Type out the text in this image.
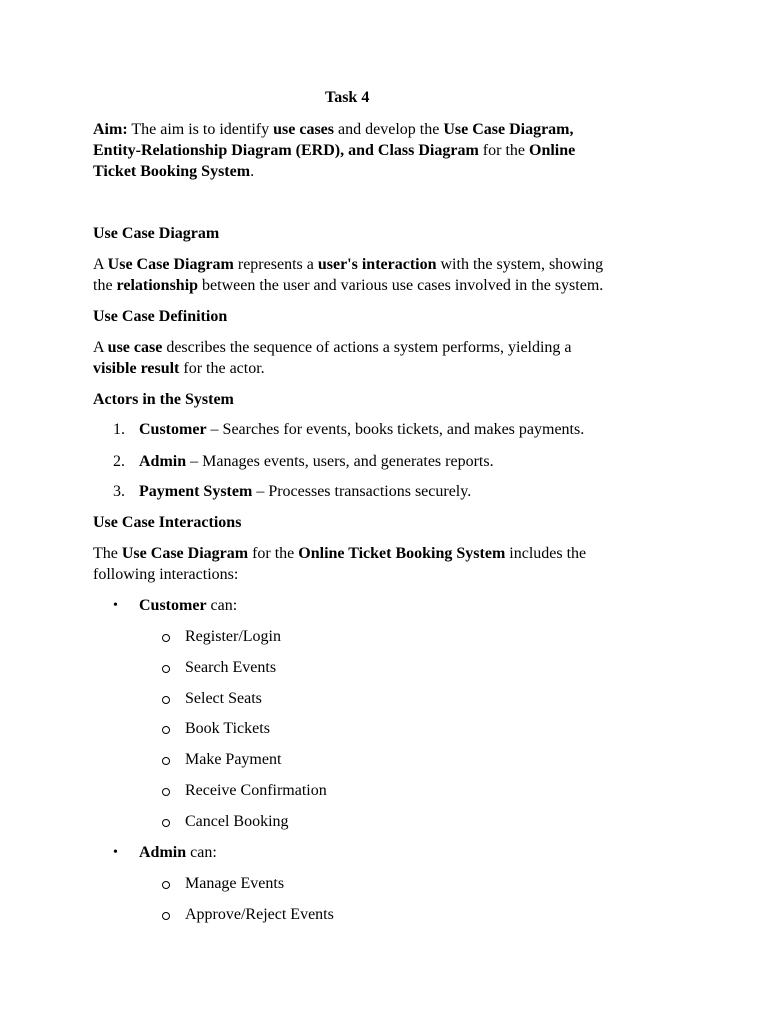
Task 4
Aim: The aim is to identify use cases and develop the Use Case Diagram,
Entity-Relationship Diagram (ERD), and Class Diagram for the Online
Ticket Booking System.
Use Case Diagram
A Use Case Diagram represents a user's interaction with the system, showing
the relationship between the user and various use cases involved in the system.
Use Case Definition
A use case describes the sequence of actions a system performs, yielding a
visible result for the actor.
Actors in the System
1. Customer – Searches for events, books tickets, and makes payments.
2. Admin – Manages events, users, and generates reports.
3. Payment System – Processes transactions securely.
Use Case Interactions
The Use Case Diagram for the Online Ticket Booking System includes the
following interactions:
• Customer can:
Register/Login
Search Events
Select Seats
Book Tickets
Make Payment
Receive Confirmation
Cancel Booking
• Admin can:
Manage Events
Approve/Reject Events
